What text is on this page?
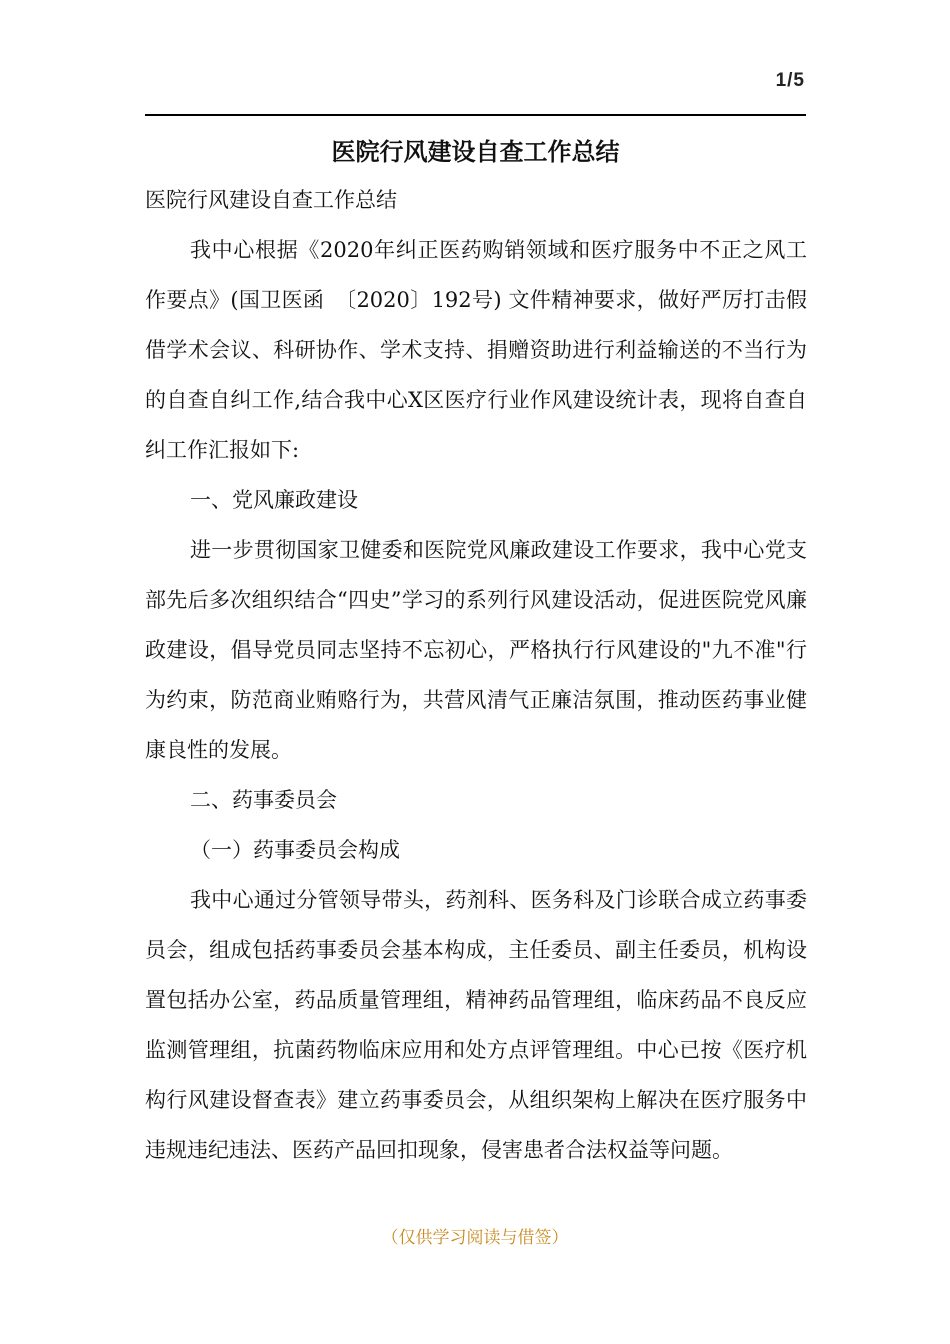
1/5
医院行风建设自查工作总结

医院行风建设自查工作总结

我中心根据《2020年纠正医药购销领域和医疗服务中不正之风工作要点》(国卫医函　〔2020〕192号) 文件精神要求，做好严厉打击假借学术会议、科研协作、学术支持、捐赠资助进行利益输送的不当行为的自查自纠工作,结合我中心X区医疗行业作风建设统计表，现将自查自纠工作汇报如下:

一、党风廉政建设

进一步贯彻国家卫健委和医院党风廉政建设工作要求，我中心党支部先后多次组织结合“四史”学习的系列行风建设活动，促进医院党风廉政建设，倡导党员同志坚持不忘初心，严格执行行风建设的"九不准"行为约束，防范商业贿赂行为，共营风清气正廉洁氛围，推动医药事业健康良性的发展。

二、药事委员会

（一）药事委员会构成

我中心通过分管领导带头，药剂科、医务科及门诊联合成立药事委员会，组成包括药事委员会基本构成，主任委员、副主任委员，机构设置包括办公室，药品质量管理组，精神药品管理组，临床药品不良反应监测管理组，抗菌药物临床应用和处方点评管理组。中心已按《医疗机构行风建设督查表》建立药事委员会，从组织架构上解决在医疗服务中违规违纪违法、医药产品回扣现象，侵害患者合法权益等问题。

（仅供学习阅读与借签）
